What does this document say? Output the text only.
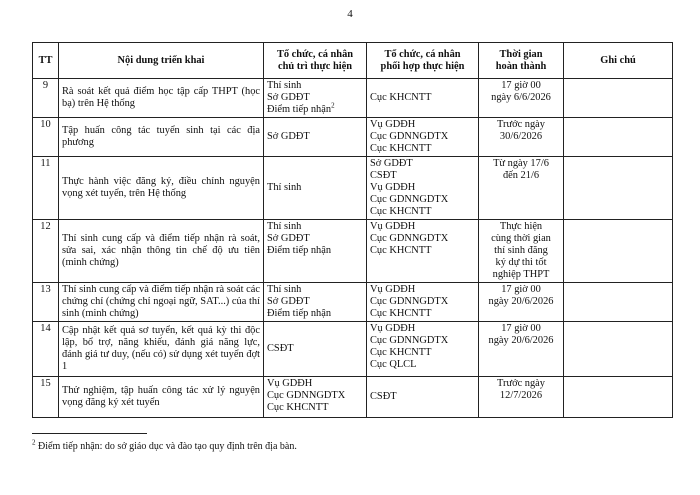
4
TT	Nội dung triển khai	Tổ chức, cá nhân
chủ trì thực hiện	Tổ chức, cá nhân
phối hợp thực hiện	Thời gian
hoàn thành	Ghi chú
9	Rà soát kết quả điểm học tập cấp THPT (học bạ) trên Hệ thống	Thí sinh
Sở GDĐT
Điểm tiếp nhận$^2$	Cục KHCNTT	17 giờ 00
ngày 6/6/2026	

10	Tập huấn công tác tuyển sinh tại các địa phương	Sở GDĐT	Vụ GDĐH
Cục GDNNGDTX
Cục KHCNTT	Trước ngày
30/6/2026	

11	Thực hành việc đăng ký, điều chỉnh nguyện vọng xét tuyển, trên Hệ thống	Thí sinh	Sở GDĐT
CSĐT
Vụ GDĐH
Cục GDNNGDTX
Cục KHCNTT	Từ ngày 17/6
đến 21/6	

12	Thí sinh cung cấp và điểm tiếp nhận rà soát, sửa sai, xác nhận thông tin chế độ ưu tiên (minh chứng)	Thí sinh
Sở GDĐT
Điểm tiếp nhận	Vụ GDĐH
Cục GDNNGDTX
Cục KHCNTT	Thực hiện
cùng thời gian
thí sinh đăng
ký dự thi tốt
nghiệp THPT	

13	Thí sinh cung cấp và điểm tiếp nhận rà soát các chứng chỉ (chứng chỉ ngoại ngữ, SAT...) của thí sinh (minh chứng)	Thí sinh
Sở GDĐT
Điểm tiếp nhận	Vụ GDĐH
Cục GDNNGDTX
Cục KHCNTT	17 giờ 00
ngày 20/6/2026	

14	Cập nhật kết quả sơ tuyển, kết quả kỳ thi độc lập, bổ trợ, năng khiếu, đánh giá năng lực, đánh giá tư duy, (nếu có) sử dụng xét tuyển đợt 1	CSĐT	Vụ GDĐH
Cục GDNNGDTX
Cục KHCNTT
Cục QLCL	17 giờ 00
ngày 20/6/2026	

15	Thử nghiệm, tập huấn công tác xử lý nguyện vọng đăng ký xét tuyển	Vụ GDĐH
Cục GDNNGDTX
Cục KHCNTT	CSĐT	Trước ngày
12/7/2026	

$^2$ Điểm tiếp nhận: do sở giáo dục và đào tạo quy định trên địa bàn.
